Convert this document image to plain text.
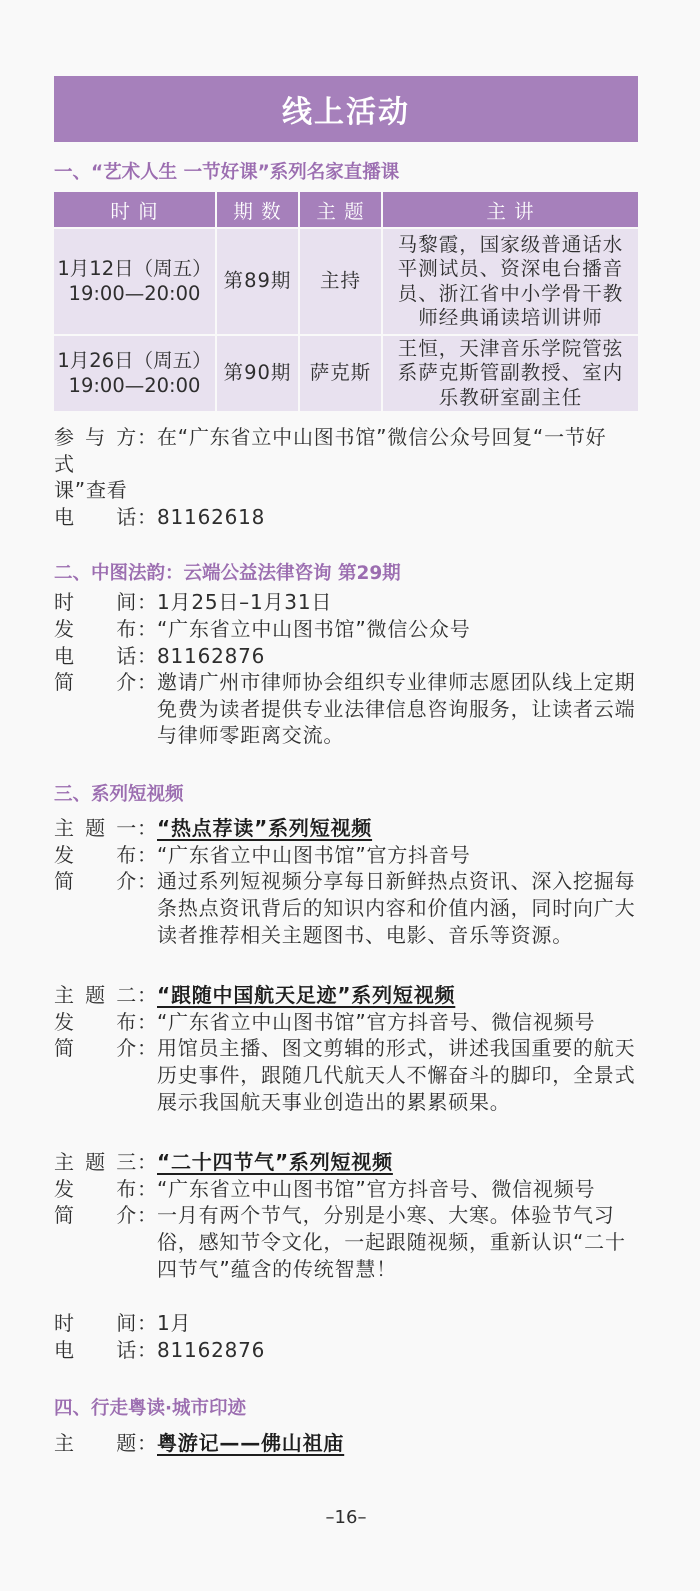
线上活动
一、“艺术人生 一节好课”系列名家直播课
时 间	期 数	主 题	主 讲
1月12日（周五）
19:00—20:00
第89期	主持
马黎霞，国家级普通话水
平测试员、资深电台播音
员、浙江省中小学骨干教
师经典诵读培训讲师
1月26日（周五）
19:00—20:00
第90期 萨克斯
王恒，天津音乐学院管弦
系萨克斯管副教授、室内
乐教研室副主任
参与方式
： 在“广东省立中山图书馆”微信公众号回复“一节好
课”查看
电 话 ： 81162618
二、中图法韵：云端公益法律咨询 第29期
时 间 ： 1月25日–1月31日
发 布 ： “广东省立中山图书馆”微信公众号
电 话 ： 81162876
简 介 ： 邀请广州市律师协会组织专业律师志愿团队线上定期
免费为读者提供专业法律信息咨询服务，让读者云端
与律师零距离交流。
三、系列短视频
主 题 一 ： “热点荐读”系列短视频
发 布 ： “广东省立中山图书馆”官方抖音号
简 介 ： 通过系列短视频分享每日新鲜热点资讯、深入挖掘每
条热点资讯背后的知识内容和价值内涵，同时向广大
读者推荐相关主题图书、电影、音乐等资源。
主 题 二 ： “跟随中国航天足迹”系列短视频
发 布 ： “广东省立中山图书馆”官方抖音号、微信视频号
简 介 ： 用馆员主播、图文剪辑的形式，讲述我国重要的航天
历史事件，跟随几代航天人不懈奋斗的脚印，全景式
展示我国航天事业创造出的累累硕果。
主 题 三 ： “二十四节气”系列短视频
发 布 ： “广东省立中山图书馆”官方抖音号、微信视频号
简 介 ： 一月有两个节气，分别是小寒、大寒。体验节气习
俗，感知节令文化，一起跟随视频，重新认识“二十
四节气”蕴含的传统智慧！
时 间 ： 1月
电 话 ： 81162876
四、行走粤读·城市印迹
主 题 ： 粤游记——佛山祖庙
–16–
